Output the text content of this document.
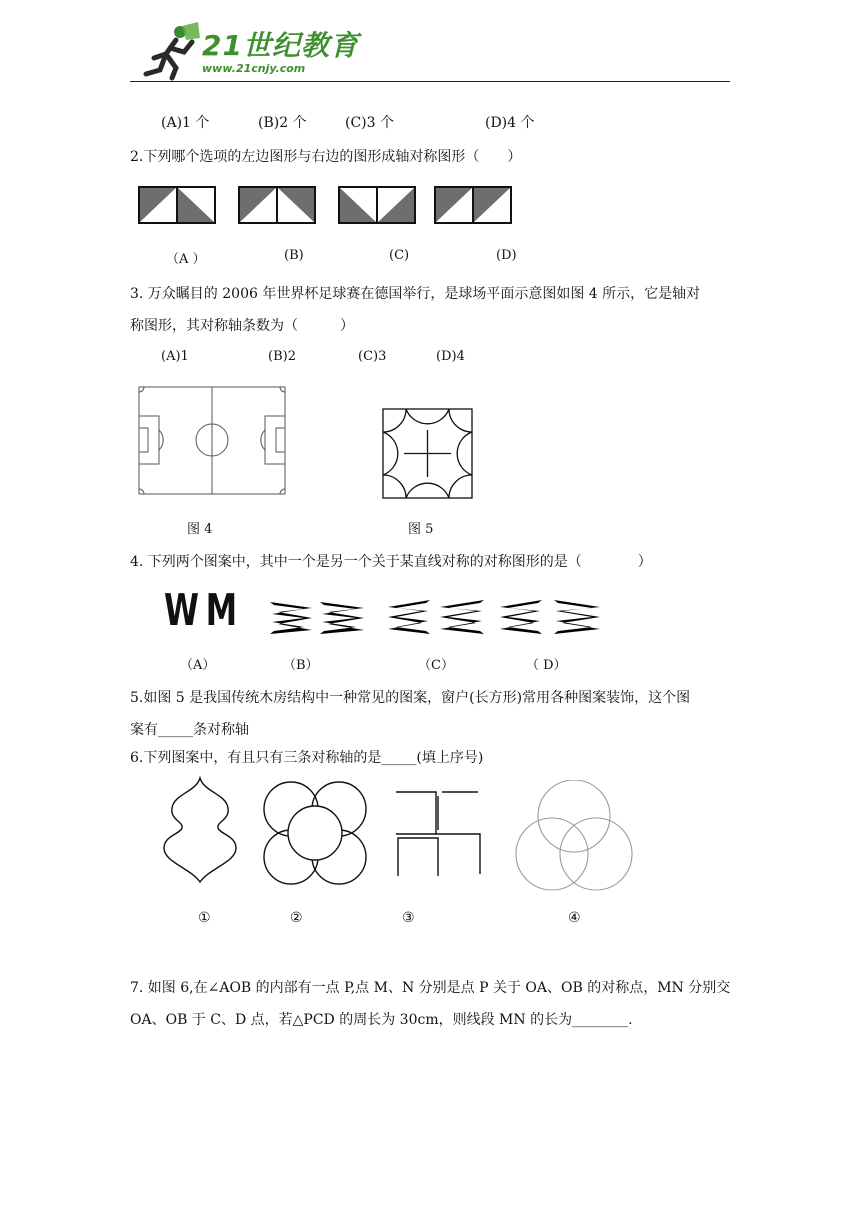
21世纪教育
www.21cnjy.com
(A)1 个	(B)2 个	(C)3 个	(D)4 个
2.下列哪个选项的左边图形与右边的图形成轴对称图形（　　）
（A ）	(B)	(C)	(D)
3. 万众瞩目的 2006 年世界杯足球赛在德国举行，是球场平面示意图如图 4 所示，它是轴对
称图形，其对称轴条数为（　　　）
(A)1	(B)2	(C)3	(D)4
图 4	图 5
4. 下列两个图案中，其中一个是另一个关于某直线对称的对称图形的是（　　　　）
W M
（A）	（B）	（C）	（ D）
5.如图 5 是我国传统木房结构中一种常见的图案，窗户(长方形)常用各种图案装饰，这个图
案有_____条对称轴
6.下列图案中，有且只有三条对称轴的是_____(填上序号)
①	②	③	④
7. 如图 6,在∠AOB 的内部有一点 P,点 M、N 分别是点 P 关于 OA、OB 的对称点，MN 分别交
OA、OB 于 C、D 点，若△PCD 的周长为 30cm，则线段 MN 的长为________.
